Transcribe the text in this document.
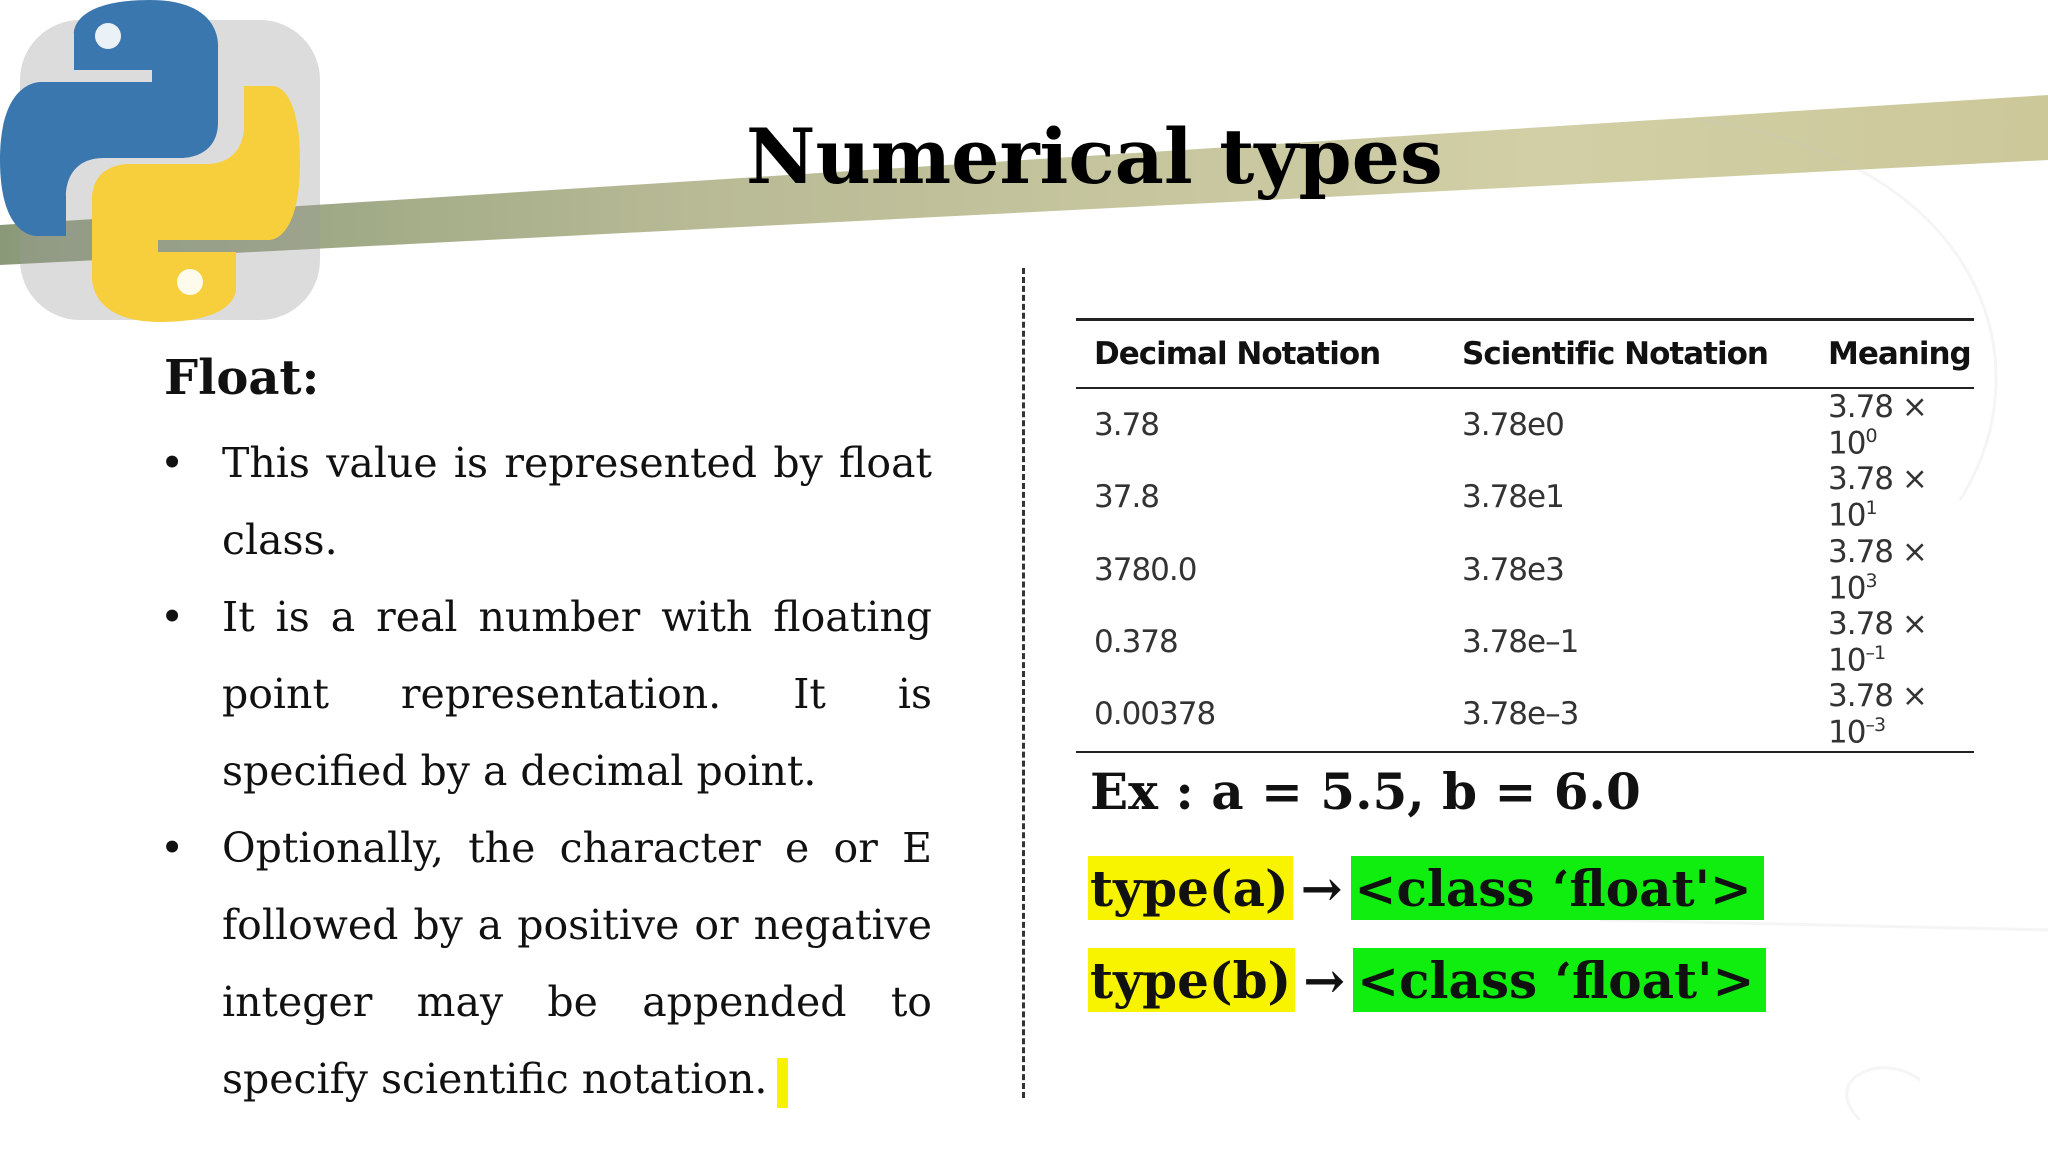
Numerical types
Float:
• This value is represented by float class.
• It is a real number with floating point representation. It is specified by a decimal point.
• Optionally, the character e or E followed by a positive or negative integer may be appended to specify scientific notation.
Decimal Notation	Scientific Notation	Meaning
3.78	3.78e0	$3.78 \times 10^0$
37.8	3.78e1	$3.78 \times 10^1$
3780.0	3.78e3	$3.78 \times 10^3$
0.378	3.78e–1	$3.78 \times 10^{-1}$
0.00378	3.78e–3	$3.78 \times 10^{-3}$
Ex : a = 5.5, b = 6.0
type(a) → <class ‘float'>
type(b) → <class ‘float'>
